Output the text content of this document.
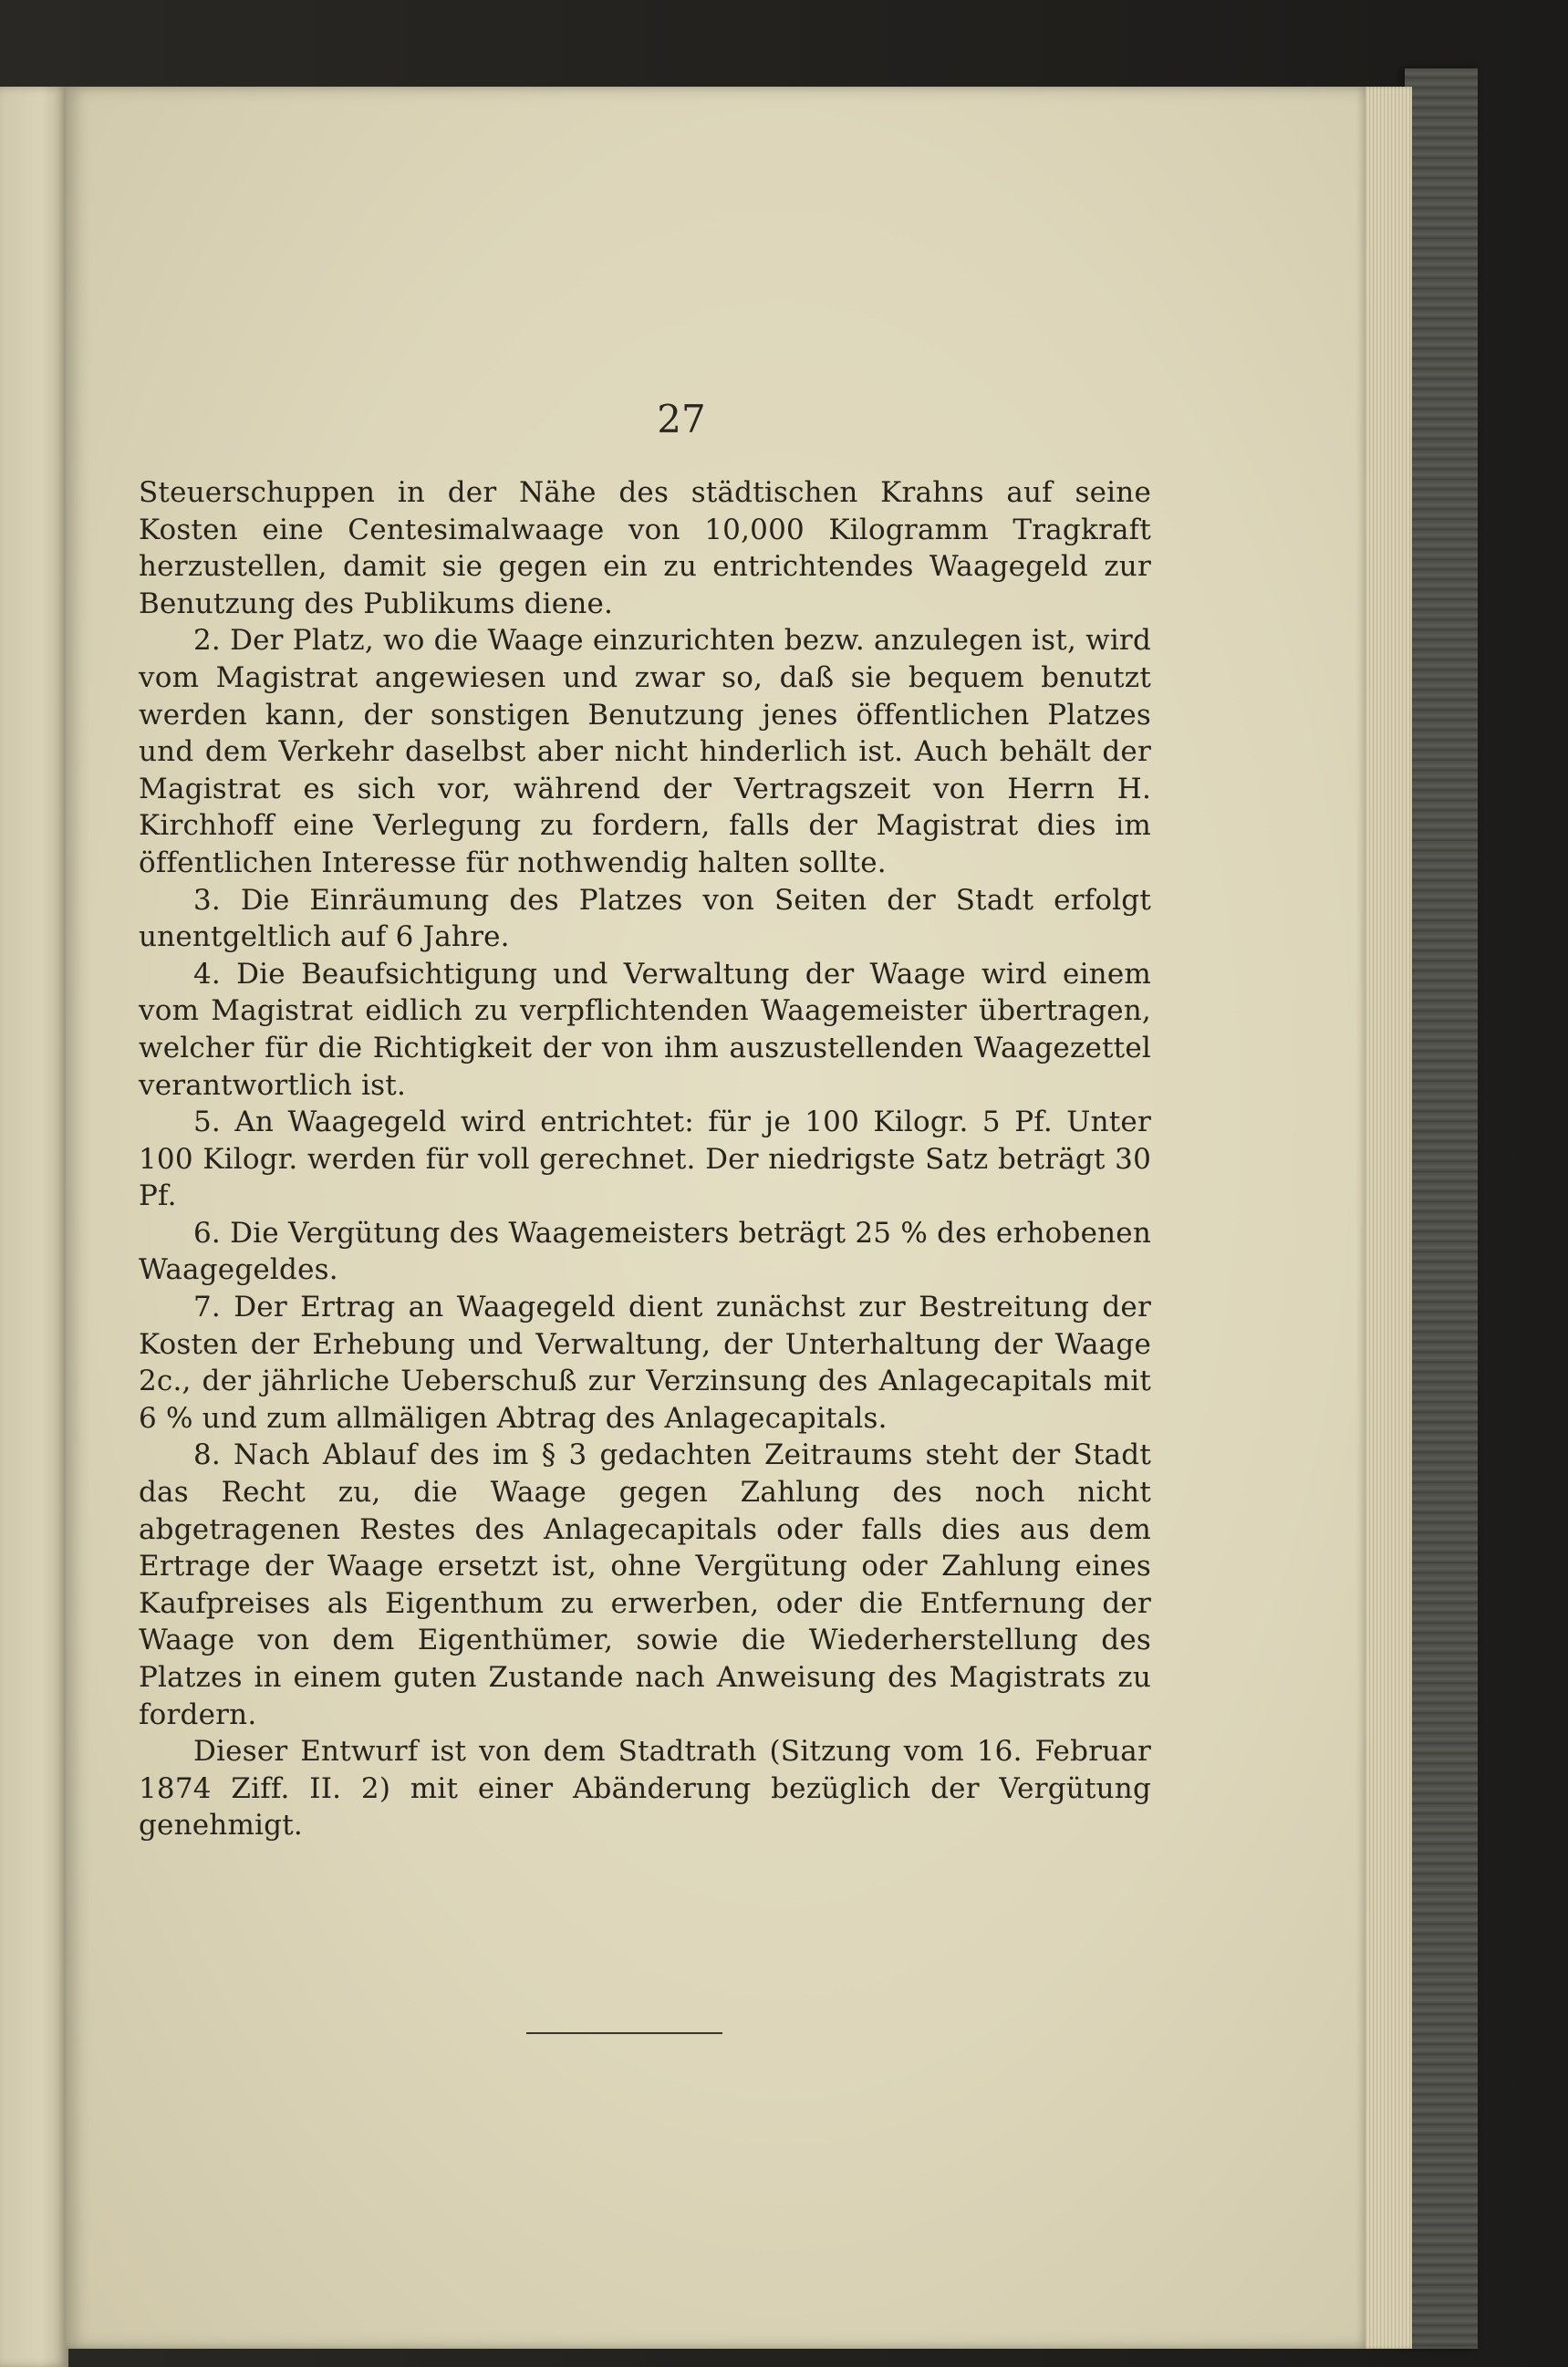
27

Steuerschuppen in der Nähe des städtischen Krahns auf seine Kosten eine Centesimalwaage von 10,000 Kilogramm Tragkraft herzustellen, damit sie gegen ein zu entrichtendes Waagegeld zur Benutzung des Publikums diene.

2. Der Platz, wo die Waage einzurichten bezw. anzulegen ist, wird vom Magistrat angewiesen und zwar so, daß sie bequem benutzt werden kann, der sonstigen Benutzung jenes öffentlichen Platzes und dem Verkehr daselbst aber nicht hinderlich ist. Auch behält der Magistrat es sich vor, während der Vertragszeit von Herrn H. Kirchhoff eine Verlegung zu fordern, falls der Magistrat dies im öffentlichen Interesse für nothwendig halten sollte.

3. Die Einräumung des Platzes von Seiten der Stadt erfolgt unentgeltlich auf 6 Jahre.

4. Die Beaufsichtigung und Verwaltung der Waage wird einem vom Magistrat eidlich zu verpflichtenden Waagemeister übertragen, welcher für die Richtigkeit der von ihm auszustellenden Waagezettel verantwortlich ist.

5. An Waagegeld wird entrichtet: für je 100 Kilogr. 5 Pf. Unter 100 Kilogr. werden für voll gerechnet. Der niedrigste Satz beträgt 30 Pf.

6. Die Vergütung des Waagemeisters beträgt 25 % des erhobenen Waagegeldes.

7. Der Ertrag an Waagegeld dient zunächst zur Bestreitung der Kosten der Erhebung und Verwaltung, der Unterhaltung der Waage 2c., der jährliche Ueberschuß zur Verzinsung des Anlagecapitals mit 6 % und zum allmäligen Abtrag des Anlagecapitals.

8. Nach Ablauf des im § 3 gedachten Zeitraums steht der Stadt das Recht zu, die Waage gegen Zahlung des noch nicht abgetragenen Restes des Anlagecapitals oder falls dies aus dem Ertrage der Waage ersetzt ist, ohne Vergütung oder Zahlung eines Kaufpreises als Eigenthum zu erwerben, oder die Entfernung der Waage von dem Eigenthümer, sowie die Wiederherstellung des Platzes in einem guten Zustande nach Anweisung des Magistrats zu fordern.

Dieser Entwurf ist von dem Stadtrath (Sitzung vom 16. Februar 1874 Ziff. II. 2) mit einer Abänderung bezüglich der Vergütung genehmigt.
